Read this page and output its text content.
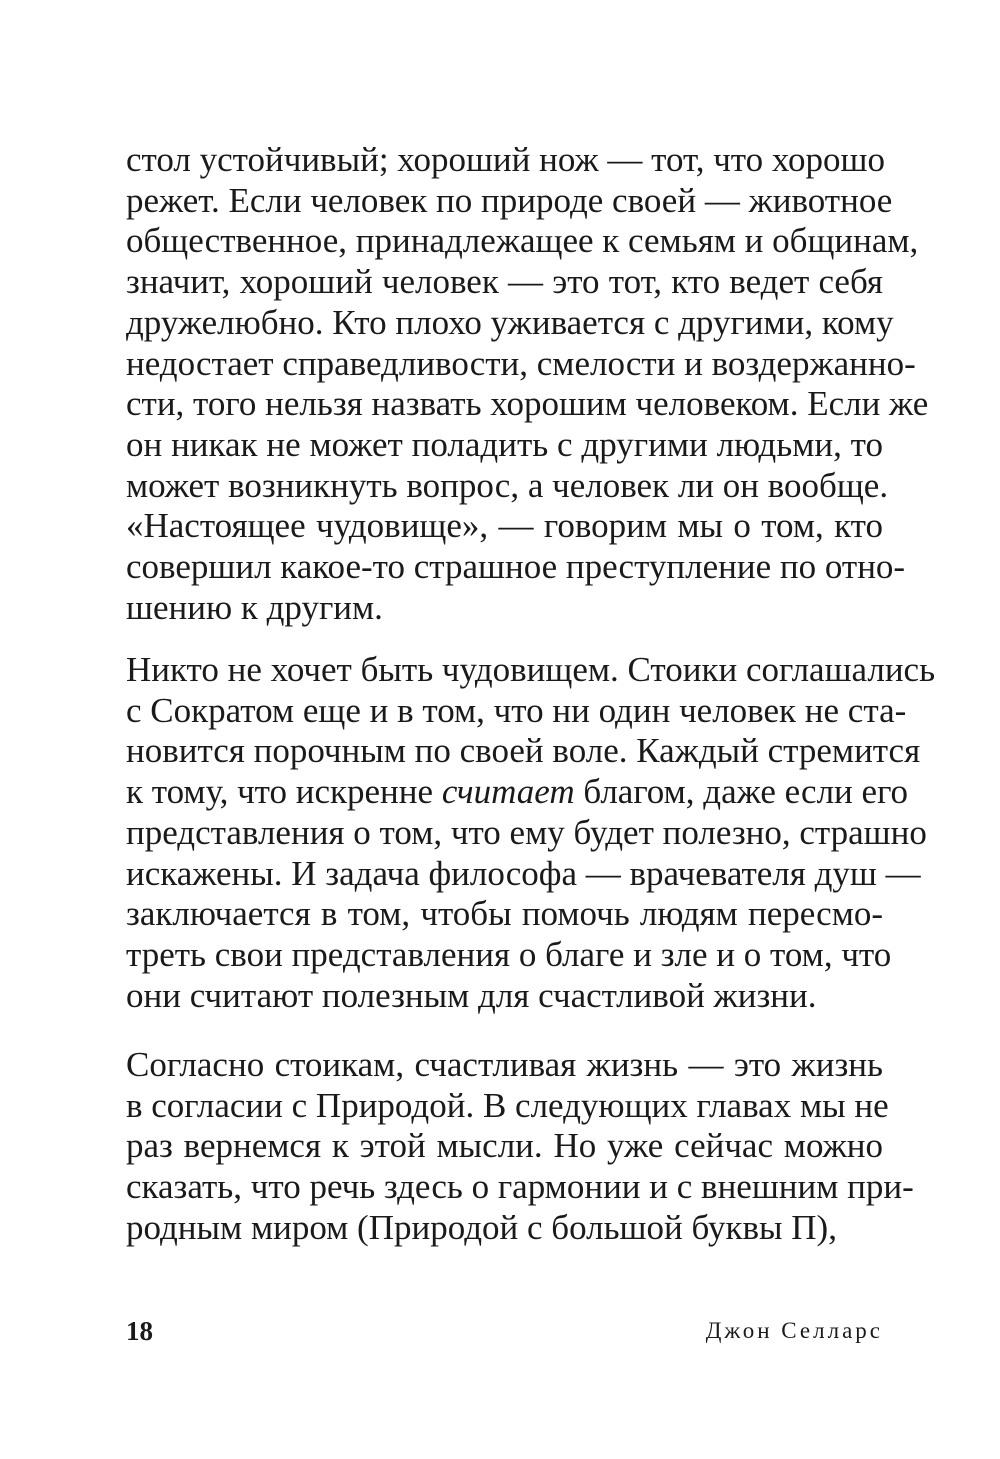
стол устойчивый; хороший нож — тот, что хорошо
режет. Если человек по природе своей — животное
общественное, принадлежащее к семьям и общинам,
значит, хороший человек — это тот, кто ведет себя
дружелюбно. Кто плохо уживается с другими, кому
недостает справедливости, смелости и воздержанно-
сти, того нельзя назвать хорошим человеком. Если же
он никак не может поладить с другими людьми, то
может возникнуть вопрос, а человек ли он вообще.
«Настоящее чудовище», — говорим мы о том, кто
совершил какое-то страшное преступление по отно-
шению к другим.
Никто не хочет быть чудовищем. Стоики соглашались
с Сократом еще и в том, что ни один человек не ста-
новится порочным по своей воле. Каждый стремится
к тому, что искренне считает благом, даже если его
представления о том, что ему будет полезно, страшно
искажены. И задача философа — врачевателя душ —
заключается в том, чтобы помочь людям пересмо-
треть свои представления о благе и зле и о том, что
они считают полезным для счастливой жизни.
Согласно стоикам, счастливая жизнь — это жизнь
в согласии с Природой. В следующих главах мы не
раз вернемся к этой мысли. Но уже сейчас можно
сказать, что речь здесь о гармонии и с внешним при-
родным миром (Природой с большой буквы П),
18	Джон Селларс
